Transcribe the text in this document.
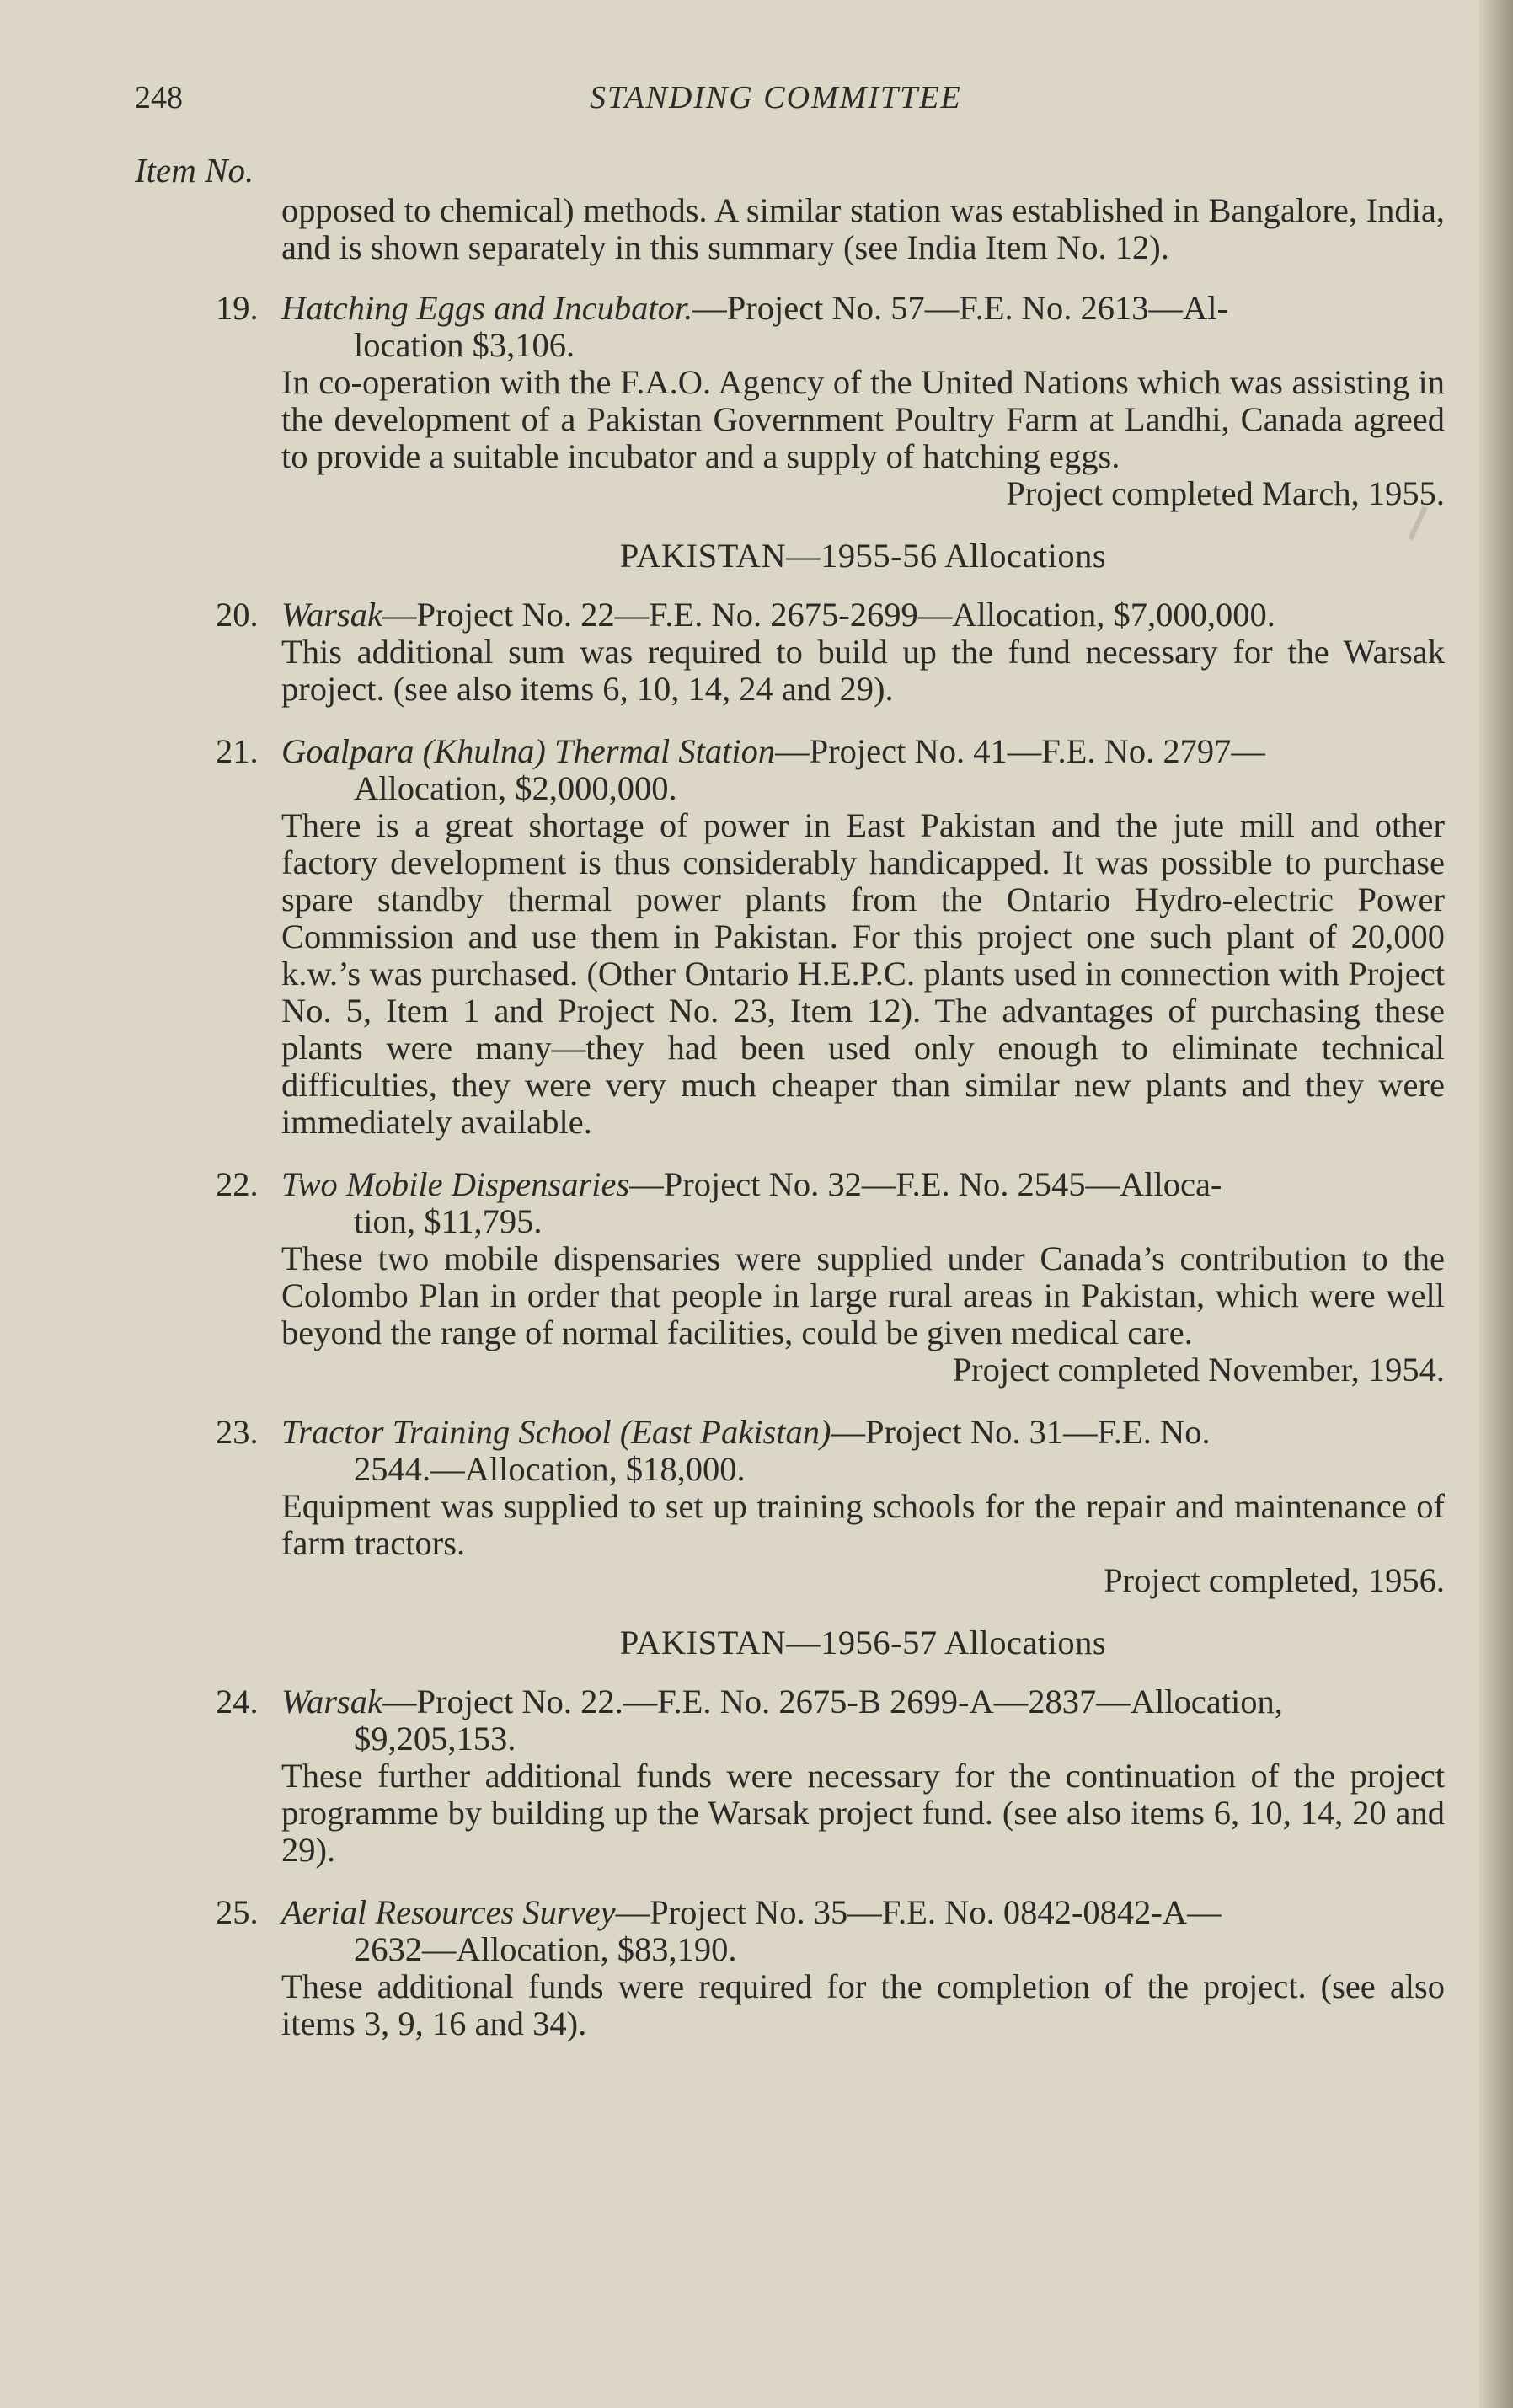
248	STANDING COMMITTEE
Item No.

opposed to chemical) methods. A similar station was established in Bangalore, India, and is shown separately in this summary (see India Item No. 12).

19. Hatching Eggs and Incubator.—Project No. 57—F.E. No. 2613—Al-
location $3,106.

In co-operation with the F.A.O. Agency of the United Nations which was assisting in the development of a Pakistan Government Poultry Farm at Landhi, Canada agreed to provide a suitable incubator and a supply of hatching eggs.

Project completed March, 1955.

PAKISTAN—1955-56 Allocations
20. Warsak—Project No. 22—F.E. No. 2675-2699—Allocation, $7,000,000.

This additional sum was required to build up the fund necessary for the Warsak project. (see also items 6, 10, 14, 24 and 29).

21. Goalpara (Khulna) Thermal Station—Project No. 41—F.E. No. 2797—
Allocation, $2,000,000.

There is a great shortage of power in East Pakistan and the jute mill and other factory development is thus considerably handicapped. It was possible to purchase spare standby thermal power plants from the Ontario Hydro-electric Power Commission and use them in Pakistan. For this project one such plant of 20,000 k.w.’s was purchased. (Other Ontario H.E.P.C. plants used in connection with Project No. 5, Item 1 and Project No. 23, Item 12). The advantages of purchasing these plants were many—they had been used only enough to eliminate technical difficulties, they were very much cheaper than similar new plants and they were immediately available.

22. Two Mobile Dispensaries—Project No. 32—F.E. No. 2545—Alloca-
tion, $11,795.

These two mobile dispensaries were supplied under Canada’s contribution to the Colombo Plan in order that people in large rural areas in Pakistan, which were well beyond the range of normal facilities, could be given medical care.

Project completed November, 1954.

23. Tractor Training School (East Pakistan)—Project No. 31—F.E. No.
2544.—Allocation, $18,000.

Equipment was supplied to set up training schools for the repair and maintenance of farm tractors.

Project completed, 1956.

PAKISTAN—1956-57 Allocations
24. Warsak—Project No. 22.—F.E. No. 2675-B 2699-A—2837—Allocation,
$9,205,153.

These further additional funds were necessary for the continuation of the project programme by building up the Warsak project fund. (see also items 6, 10, 14, 20 and 29).

25. Aerial Resources Survey—Project No. 35—F.E. No. 0842-0842-A—
2632—Allocation, $83,190.

These additional funds were required for the completion of the project. (see also items 3, 9, 16 and 34).
